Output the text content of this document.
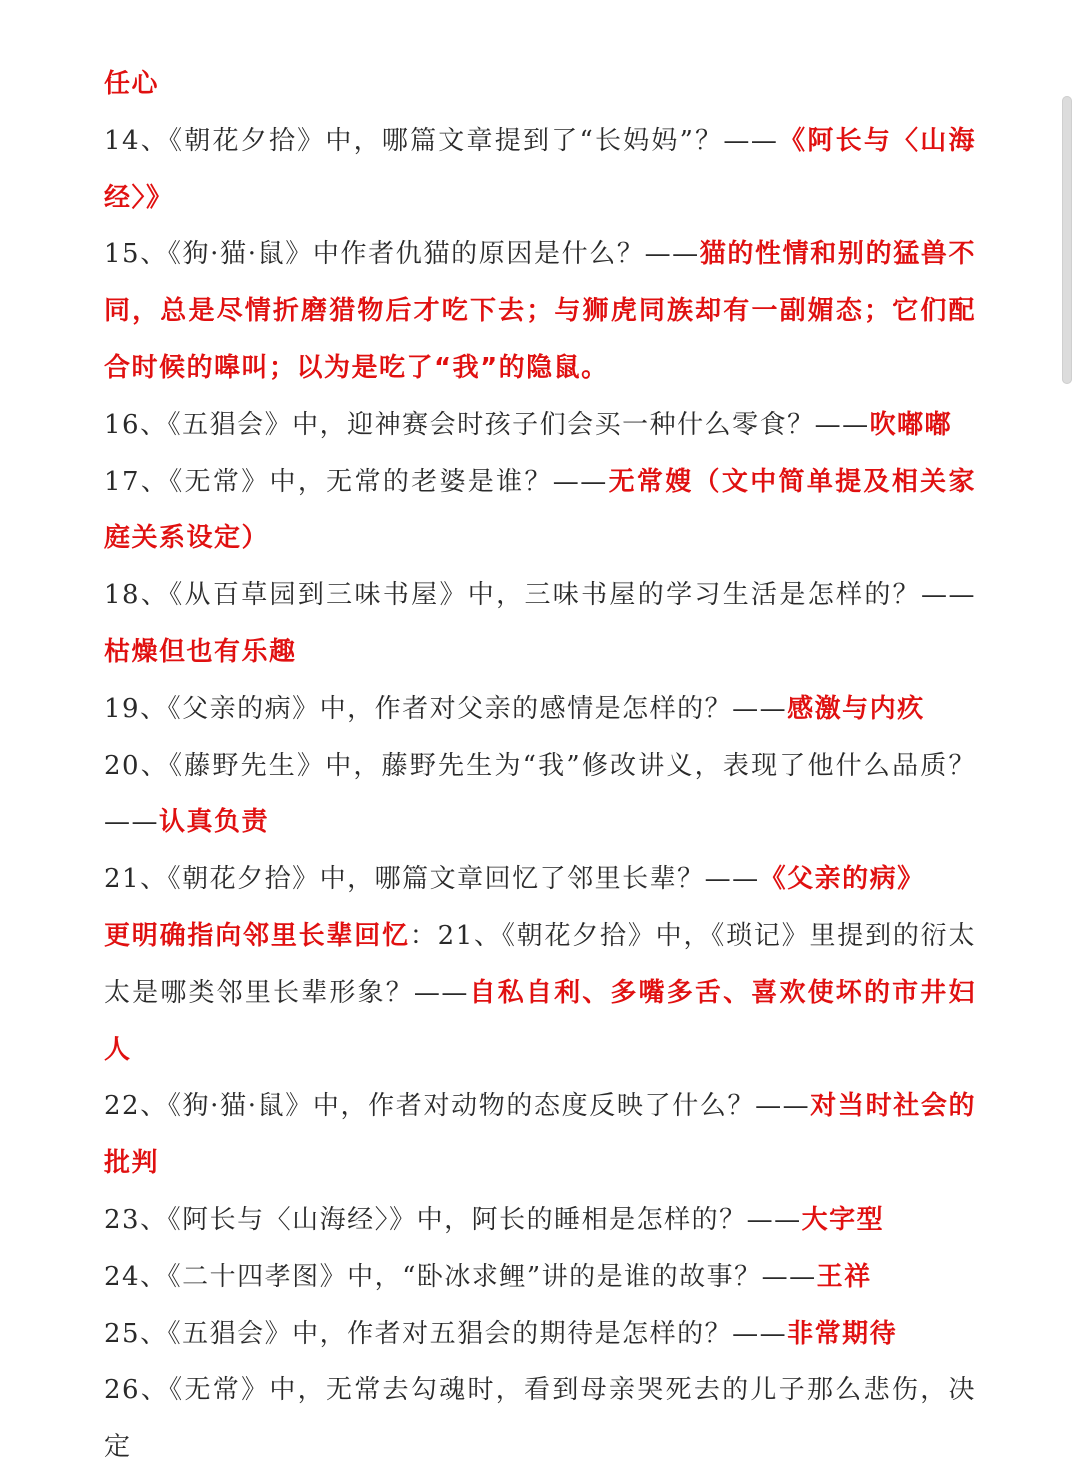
任心

14、《朝花夕拾》中，哪篇文章提到了“长妈妈”？——《阿长与〈山海经〉》

15、《狗·猫·鼠》中作者仇猫的原因是什么？——猫的性情和别的猛兽不同，总是尽情折磨猎物后才吃下去；与狮虎同族却有一副媚态；它们配合时候的嗥叫；以为是吃了“我”的隐鼠。

16、《五猖会》中，迎神赛会时孩子们会买一种什么零食？——吹嘟嘟

17、《无常》中，无常的老婆是谁？——无常嫂（文中简单提及相关家庭关系设定）

18、《从百草园到三味书屋》中，三味书屋的学习生活是怎样的？——枯燥但也有乐趣

19、《父亲的病》中，作者对父亲的感情是怎样的？——感激与内疚

20、《藤野先生》中，藤野先生为“我”修改讲义，表现了他什么品质？——认真负责

21、《朝花夕拾》中，哪篇文章回忆了邻里长辈？——《父亲的病》

更明确指向邻里长辈回忆：21、《朝花夕拾》中，《琐记》里提到的衍太太是哪类邻里长辈形象？——自私自利、多嘴多舌、喜欢使坏的市井妇人

22、《狗·猫·鼠》中，作者对动物的态度反映了什么？——对当时社会的批判

23、《阿长与〈山海经〉》中，阿长的睡相是怎样的？——大字型

24、《二十四孝图》中，“卧冰求鲤”讲的是谁的故事？——王祥

25、《五猖会》中，作者对五猖会的期待是怎样的？——非常期待

26、《无常》中，无常去勾魂时，看到母亲哭死去的儿子那么悲伤，决定
